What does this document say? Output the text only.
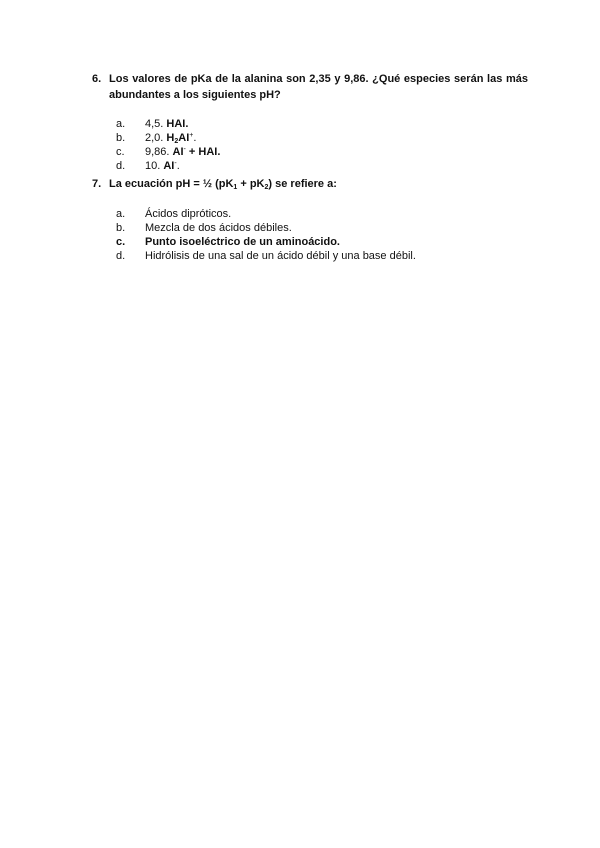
6. Los valores de pKa de la alanina son 2,35 y 9,86. ¿Qué especies serán las más abundantes a los siguientes pH?
a.	4,5. HAI.
b.	2,0. $H_2AI^+$.
c.	9,86. AI- + HAI.
d.	10. AI-.
7. La ecuación pH = ½ $(pK_1 + pK_2)$ se refiere a:
a.	Ácidos dipróticos.
b.	Mezcla de dos ácidos débiles.
c.	Punto isoeléctrico de un aminoácido.
d.	Hidrólisis de una sal de un ácido débil y una base débil.
